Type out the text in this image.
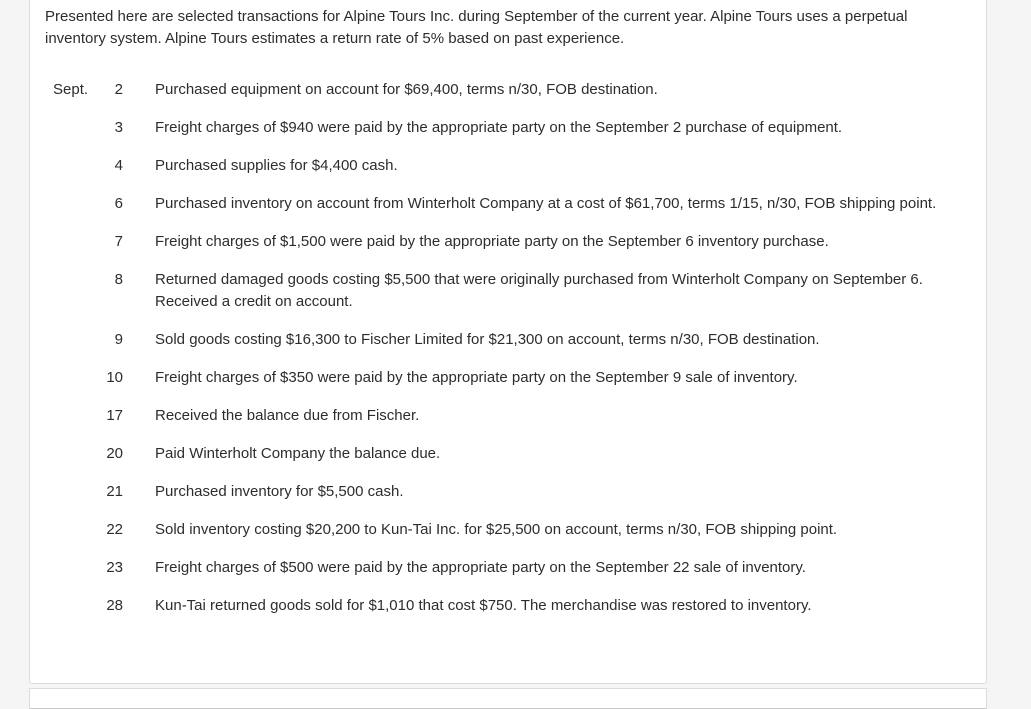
Presented here are selected transactions for Alpine Tours Inc. during September of the current year. Alpine Tours uses a perpetual inventory system. Alpine Tours estimates a return rate of 5% based on past experience.

Sept.	2 Purchased equipment on account for $69,400, terms n/30, FOB destination.
3 Freight charges of $940 were paid by the appropriate party on the September 2 purchase of equipment.
4 Purchased supplies for $4,400 cash.
6 Purchased inventory on account from Winterholt Company at a cost of $61,700, terms 1/15, n/30, FOB shipping point.
7 Freight charges of $1,500 were paid by the appropriate party on the September 6 inventory purchase.
8 Returned damaged goods costing $5,500 that were originally purchased from Winterholt Company on September 6. Received a credit on account.
9 Sold goods costing $16,300 to Fischer Limited for $21,300 on account, terms n/30, FOB destination.
10 Freight charges of $350 were paid by the appropriate party on the September 9 sale of inventory.
17 Received the balance due from Fischer.
20 Paid Winterholt Company the balance due.
21 Purchased inventory for $5,500 cash.
22 Sold inventory costing $20,200 to Kun-Tai Inc. for $25,500 on account, terms n/30, FOB shipping point.
23 Freight charges of $500 were paid by the appropriate party on the September 22 sale of inventory.
28 Kun-Tai returned goods sold for $1,010 that cost $750. The merchandise was restored to inventory.
